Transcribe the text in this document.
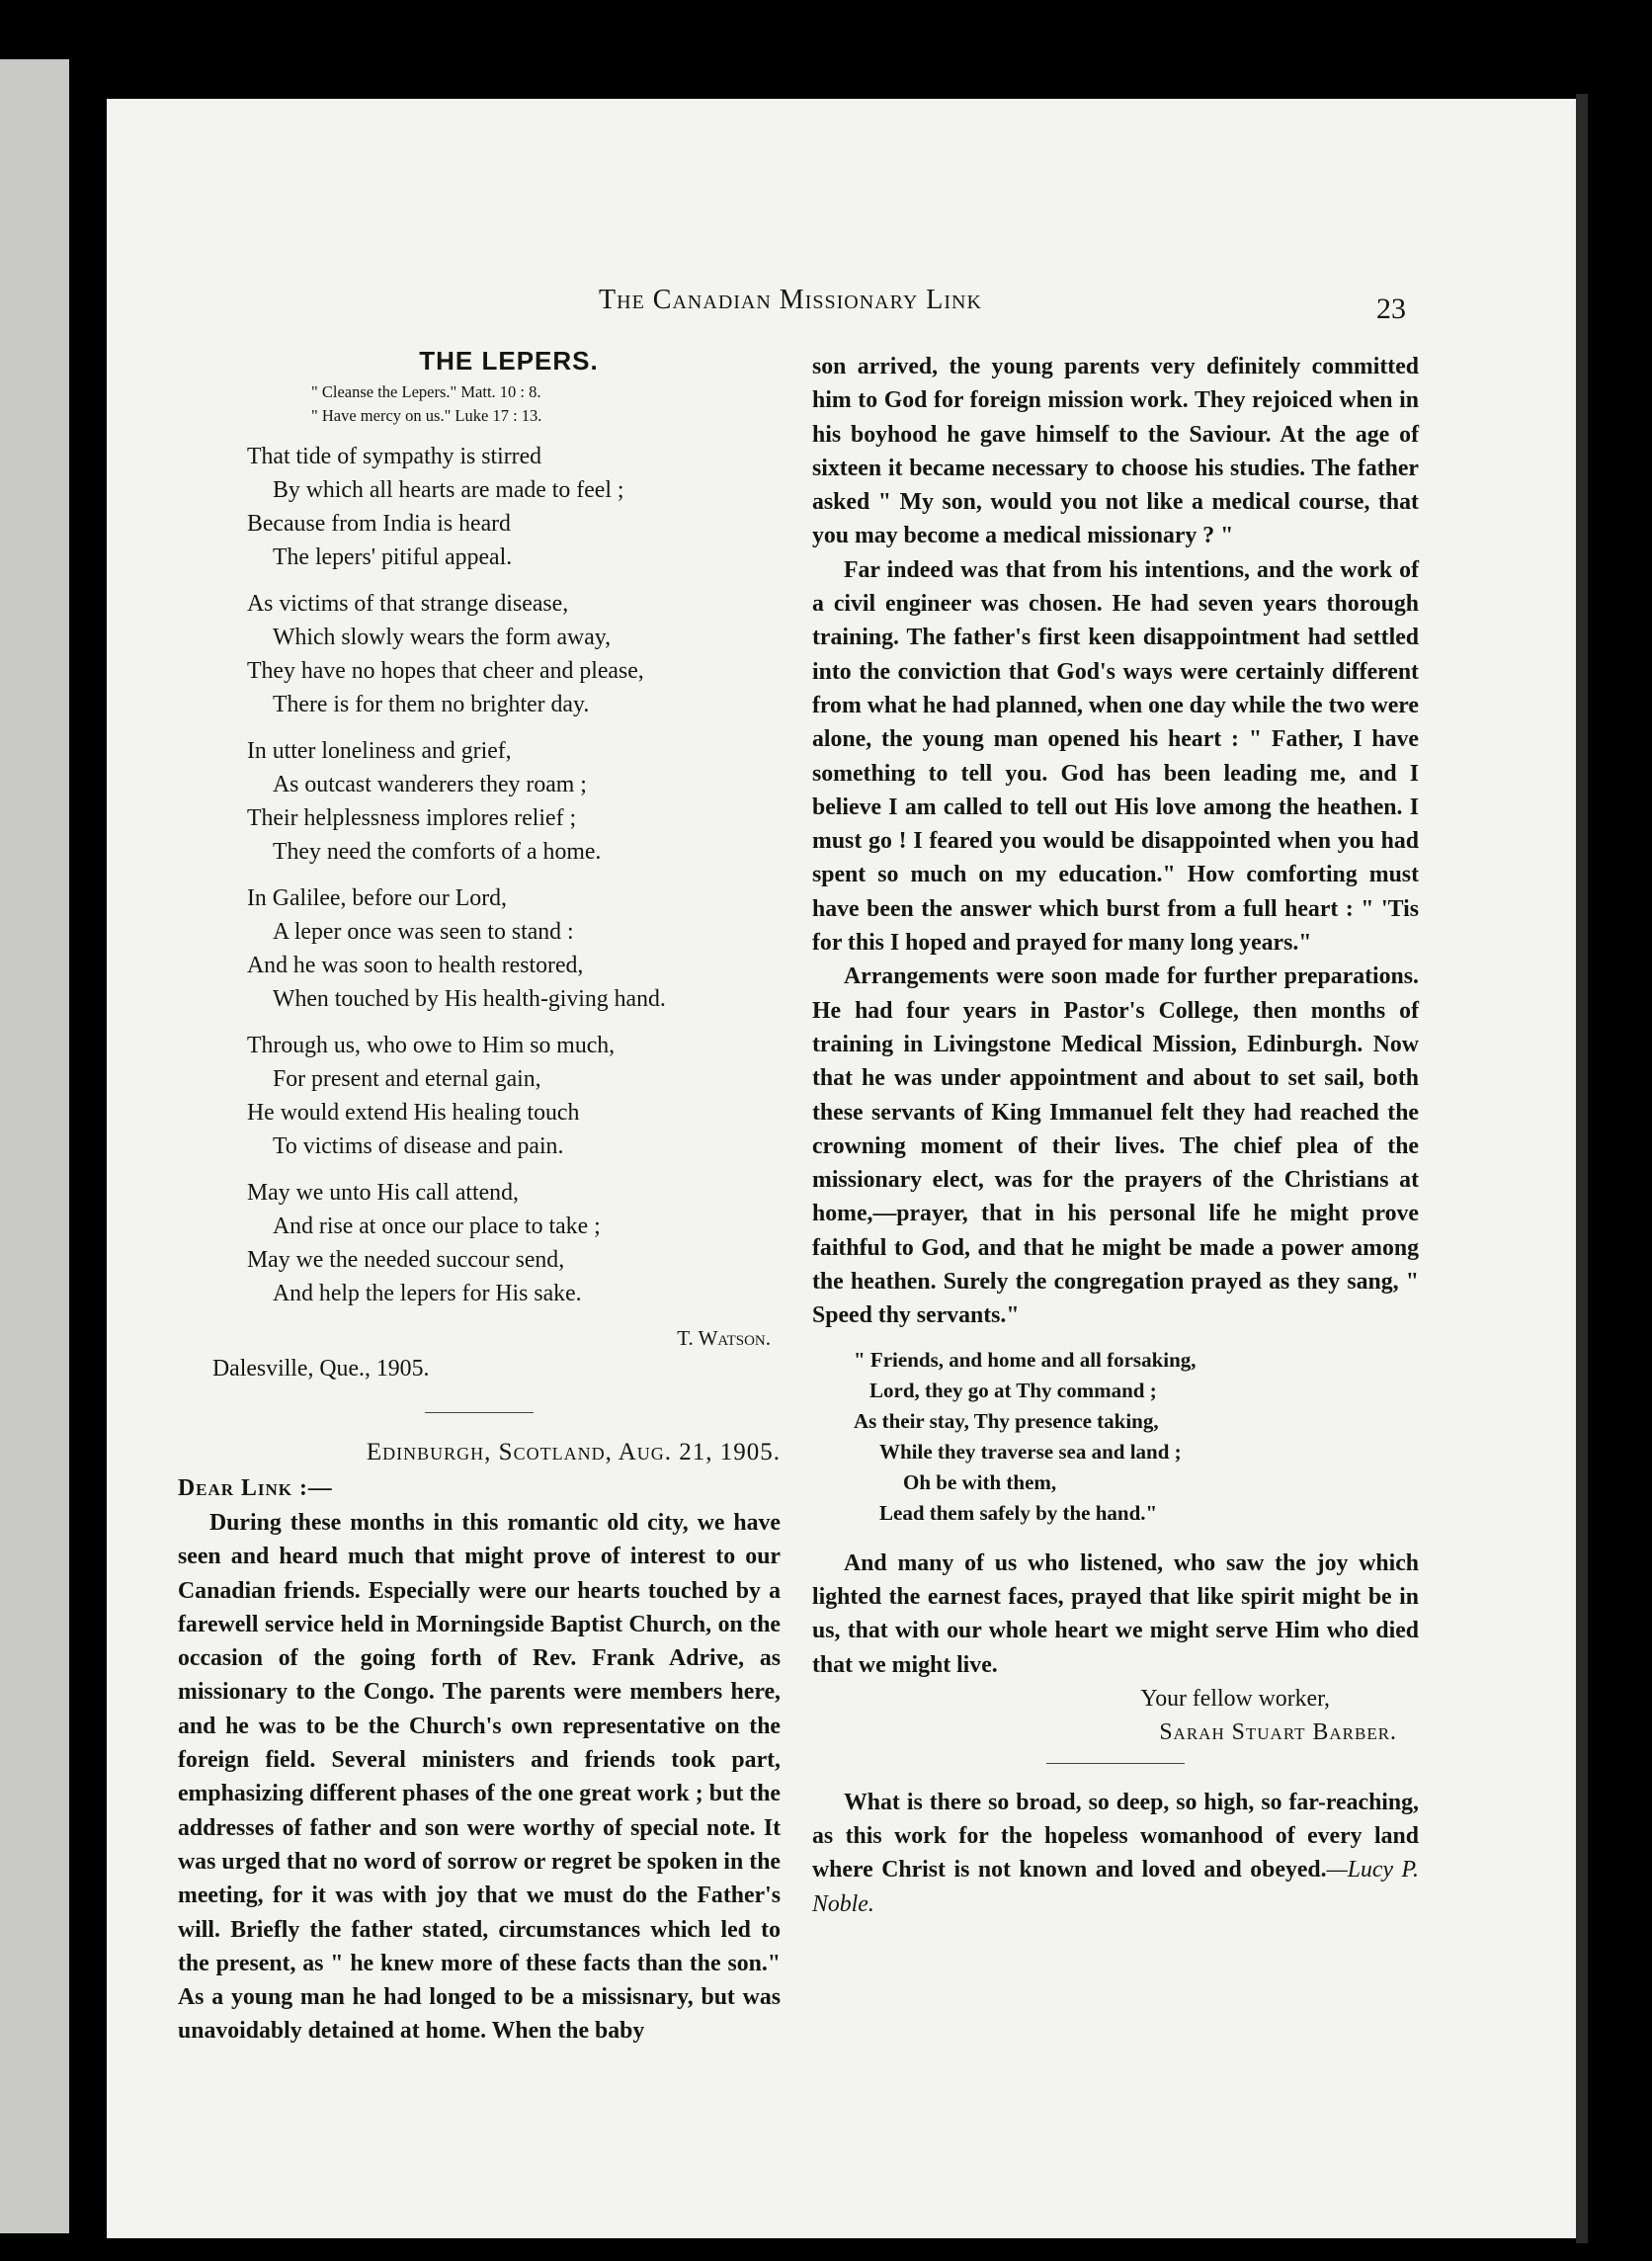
The Canadian Missionary Link	23
THE LEPERS.
" Cleanse the Lepers." Matt. 10 : 8.
" Have mercy on us." Luke 17 : 13.
That tide of sympathy is stirred
By which all hearts are made to feel ;
Because from India is heard
The lepers' pitiful appeal.
As victims of that strange disease,
Which slowly wears the form away,
They have no hopes that cheer and please,
There is for them no brighter day.
In utter loneliness and grief,
As outcast wanderers they roam ;
Their helplessness implores relief ;
They need the comforts of a home.
In Galilee, before our Lord,
A leper once was seen to stand :
And he was soon to health restored,
When touched by His health-giving hand.
Through us, who owe to Him so much,
For present and eternal gain,
He would extend His healing touch
To victims of disease and pain.
May we unto His call attend,
And rise at once our place to take ;
May we the needed succour send,
And help the lepers for His sake.
T. Watson.
Dalesville, Que., 1905.
Edinburgh, Scotland, Aug. 21, 1905.
Dear Link :—
During these months in this romantic old city, we have seen and heard much that might prove of interest to our Canadian friends. Especially were our hearts touched by a farewell service held in Morningside Baptist Church, on the occasion of the going forth of Rev. Frank Adrive, as missionary to the Congo. The parents were members here, and he was to be the Church's own representative on the foreign field. Several ministers and friends took part, emphasizing different phases of the one great work ; but the addresses of father and son were worthy of special note. It was urged that no word of sorrow or regret be spoken in the meeting, for it was with joy that we must do the Father's will. Briefly the father stated, circumstances which led to the present, as " he knew more of these facts than the son." As a young man he had longed to be a missisnary, but was unavoidably detained at home. When the baby
son arrived, the young parents very definitely committed him to God for foreign mission work. They rejoiced when in his boyhood he gave himself to the Saviour. At the age of sixteen it became necessary to choose his studies. The father asked " My son, would you not like a medical course, that you may become a medical missionary ? "
Far indeed was that from his intentions, and the work of a civil engineer was chosen. He had seven years thorough training. The father's first keen disappointment had settled into the conviction that God's ways were certainly different from what he had planned, when one day while the two were alone, the young man opened his heart : " Father, I have something to tell you. God has been leading me, and I believe I am called to tell out His love among the heathen. I must go ! I feared you would be disappointed when you had spent so much on my education." How comforting must have been the answer which burst from a full heart : " 'Tis for this I hoped and prayed for many long years."
Arrangements were soon made for further preparations. He had four years in Pastor's College, then months of training in Livingstone Medical Mission, Edinburgh. Now that he was under appointment and about to set sail, both these servants of King Immanuel felt they had reached the crowning moment of their lives. The chief plea of the missionary elect, was for the prayers of the Christians at home,—prayer, that in his personal life he might prove faithful to God, and that he might be made a power among the heathen. Surely the congregation prayed as they sang, " Speed thy servants."
" Friends, and home and all forsaking,
Lord, they go at Thy command ;
As their stay, Thy presence taking,
While they traverse sea and land ;
Oh be with them,
Lead them safely by the hand."
And many of us who listened, who saw the joy which lighted the earnest faces, prayed that like spirit might be in us, that with our whole heart we might serve Him who died that we might live.
Your fellow worker,
Sarah Stuart Barber.
What is there so broad, so deep, so high, so far-reaching, as this work for the hopeless womanhood of every land where Christ is not known and loved and obeyed.—Lucy P. Noble.
